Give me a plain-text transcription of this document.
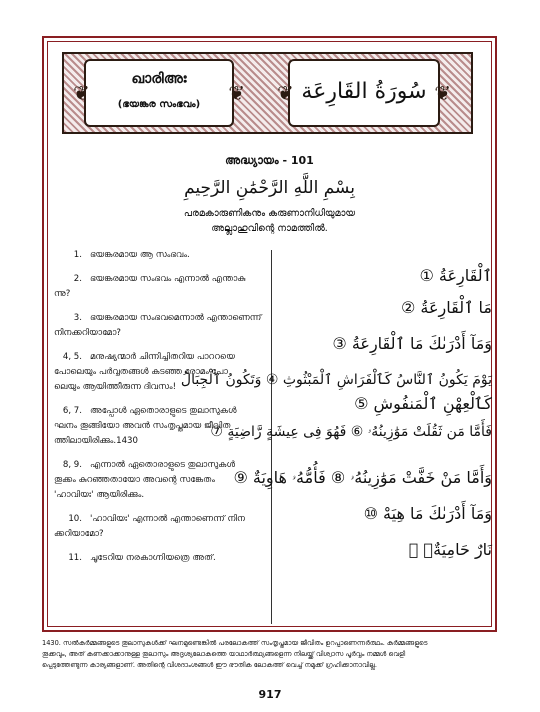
❦
ഖാരിഅഃ
(ഭയങ്കര സംഭവം)	❦ ❦ سُورَةُ القَارِعَة ❦
അദ്ധ്യായം - 101
بِسْمِ اللَّهِ الرَّحْمَٰنِ الرَّحِيمِ
പരമകാരുണികനും കരുണാനിധിയുമായ
അല്ലാഹുവിന്റെ നാമത്തിൽ.
1. ഭയങ്കരമായ ആ സംഭവം.
2. ഭയങ്കരമായ സംഭവം എന്നാൽ എന്താകു
ന്നു?
3. ഭയങ്കരമായ സംഭവമെന്നാൽ എന്താണെന്ന്
നിനക്കറിയാമോ?
4, 5. മനുഷ്യന്മാർ ചിന്നിച്ചിതറിയ പാററയെ
പോലെയും പർവ്വതങ്ങൾ കടഞ്ഞ രോമം പോ
ലെയും ആയിത്തീരുന്ന ദിവസം!
6, 7. അപ്പോൾ ഏതൊരാളുടെ തുലാസുകൾ
ഘനം തൂങ്ങിയോ അവൻ സംതൃപ്തമായ ജീവിത
ത്തിലായിരിക്കും.1430
8, 9. എന്നാൽ ഏതൊരാളുടെ തുലാസുകൾ
തൂക്കം കുറഞ്ഞതായോ അവന്റെ സങ്കേതം
'ഹാവിയഃ' ആയിരിക്കും.
10. 'ഹാവിയഃ' എന്നാൽ എന്താണെന്ന് നിന
ക്കറിയാമോ?
11. ചൂടേറിയ നരകാഗ്നിയത്രെ അത്.
ٱلْقَارِعَةُ ①
مَا ٱلْقَارِعَةُ ②
وَمَآ أَدْرَىٰكَ مَا ٱلْقَارِعَةُ ③
يَوْمَ يَكُونُ ٱلنَّاسُ كَٱلْفَرَاشِ ٱلْمَبْثُوثِ ④ وَتَكُونُ ٱلْجِبَالُ
كَٱلْعِهْنِ ٱلْمَنفُوشِ ⑤
فَأَمَّا مَن ثَقُلَتْ مَوَٰزِينُهُۥ ⑥ فَهُوَ فِى عِيشَةٍ رَّاضِيَةٍ ⑦
وَأَمَّا مَنْ خَفَّتْ مَوَٰزِينُهُۥ ⑧ فَأُمُّهُۥ هَاوِيَةٌ ⑨
وَمَآ أَدْرَىٰكَ مَا هِيَهْ ⑩
نَارٌ حَامِيَةٌۢ ⑪
1430. സൽകർമ്മങ്ങളുടെ തൂലാസുകൾക്ക് ഘനമുണ്ടെങ്കിൽ പരലോകത്ത് സംതൃപ്തമായ ജീവിതം ഉറപ്പാണെന്നർത്ഥം. കർമ്മങ്ങളുടെ
തൂക്കവും, അത് കണക്കാക്കാനുള്ള തുലാസും അദൃശ്യലോകത്തെ യാഥാർത്ഥ്യങ്ങളെന്ന നിലയ്ക്ക് വിശ്വാസ പൂർവ്വം നമ്മൾ വെളി
പ്പെടുത്തേണ്ടുന്ന കാര്യങ്ങളാണ്. അതിന്റെ വിശദാംശങ്ങൾ ഈ ഭൗതിക ലോകത്ത് വെച്ച് നമുക്ക് ഗ്രഹിക്കാനാവില്ല.
917
